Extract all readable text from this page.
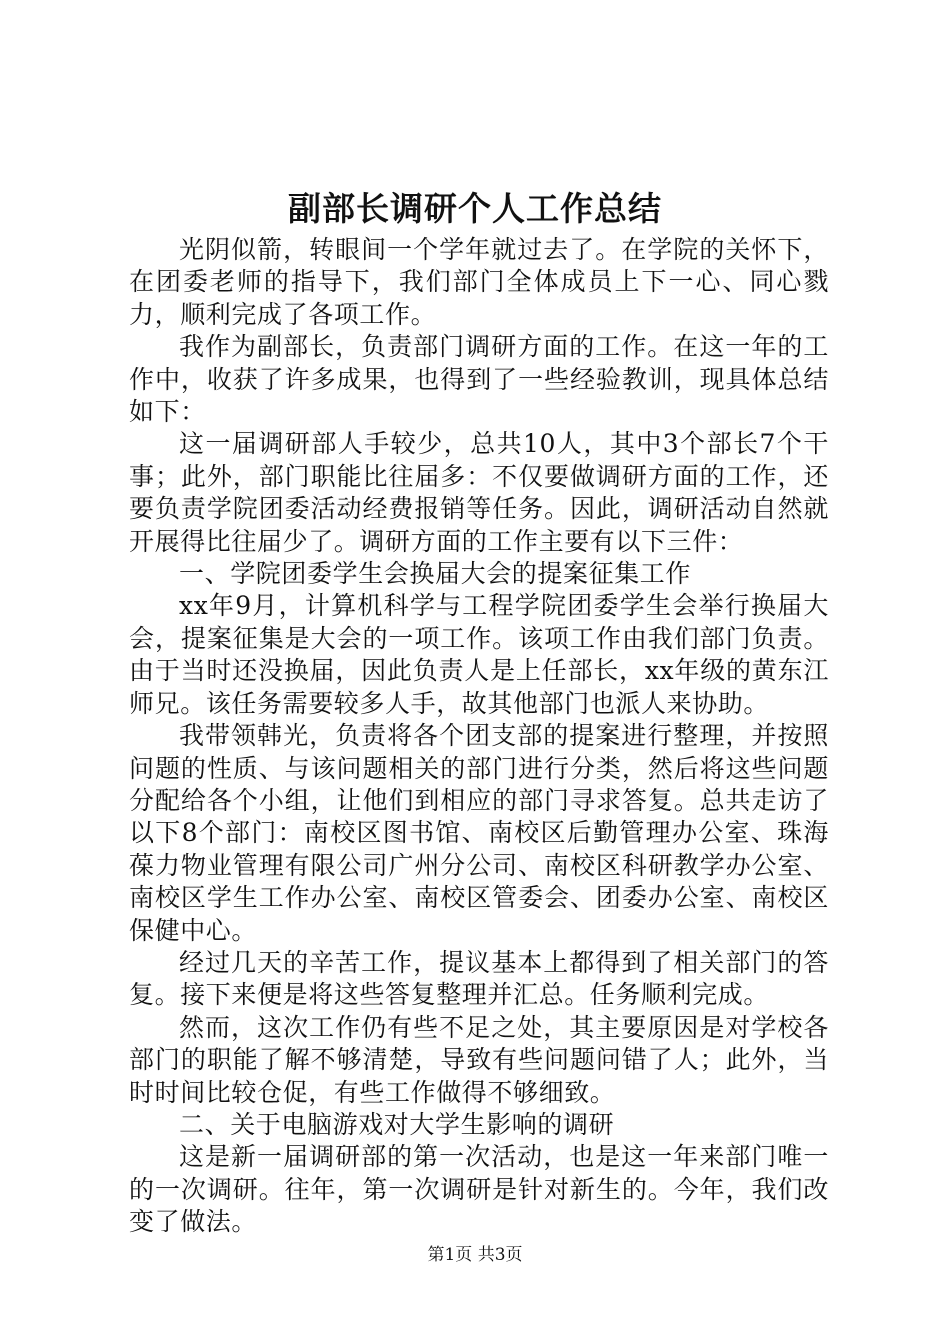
副部长调研个人工作总结

光阴似箭，转眼间一个学年就过去了。在学院的关怀下，在团委老师的指导下，我们部门全体成员上下一心、同心戮力，顺利完成了各项工作。

我作为副部长，负责部门调研方面的工作。在这一年的工作中，收获了许多成果，也得到了一些经验教训，现具体总结如下：

这一届调研部人手较少，总共10人，其中3个部长7个干事；此外，部门职能比往届多：不仅要做调研方面的工作，还要负责学院团委活动经费报销等任务。因此，调研活动自然就开展得比往届少了。调研方面的工作主要有以下三件：

一、学院团委学生会换届大会的提案征集工作

xx年9月，计算机科学与工程学院团委学生会举行换届大会，提案征集是大会的一项工作。该项工作由我们部门负责。由于当时还没换届，因此负责人是上任部长，xx年级的黄东江师兄。该任务需要较多人手，故其他部门也派人来协助。

我带领韩光，负责将各个团支部的提案进行整理，并按照问题的性质、与该问题相关的部门进行分类，然后将这些问题分配给各个小组，让他们到相应的部门寻求答复。总共走访了以下8个部门：南校区图书馆、南校区后勤管理办公室、珠海葆力物业管理有限公司广州分公司、南校区科研教学办公室、南校区学生工作办公室、南校区管委会、团委办公室、南校区保健中心。

经过几天的辛苦工作，提议基本上都得到了相关部门的答复。接下来便是将这些答复整理并汇总。任务顺利完成。

然而，这次工作仍有些不足之处，其主要原因是对学校各部门的职能了解不够清楚，导致有些问题问错了人；此外，当时时间比较仓促，有些工作做得不够细致。

二、关于电脑游戏对大学生影响的调研

这是新一届调研部的第一次活动，也是这一年来部门唯一的一次调研。往年，第一次调研是针对新生的。今年，我们改变了做法。

第1页 共3页
